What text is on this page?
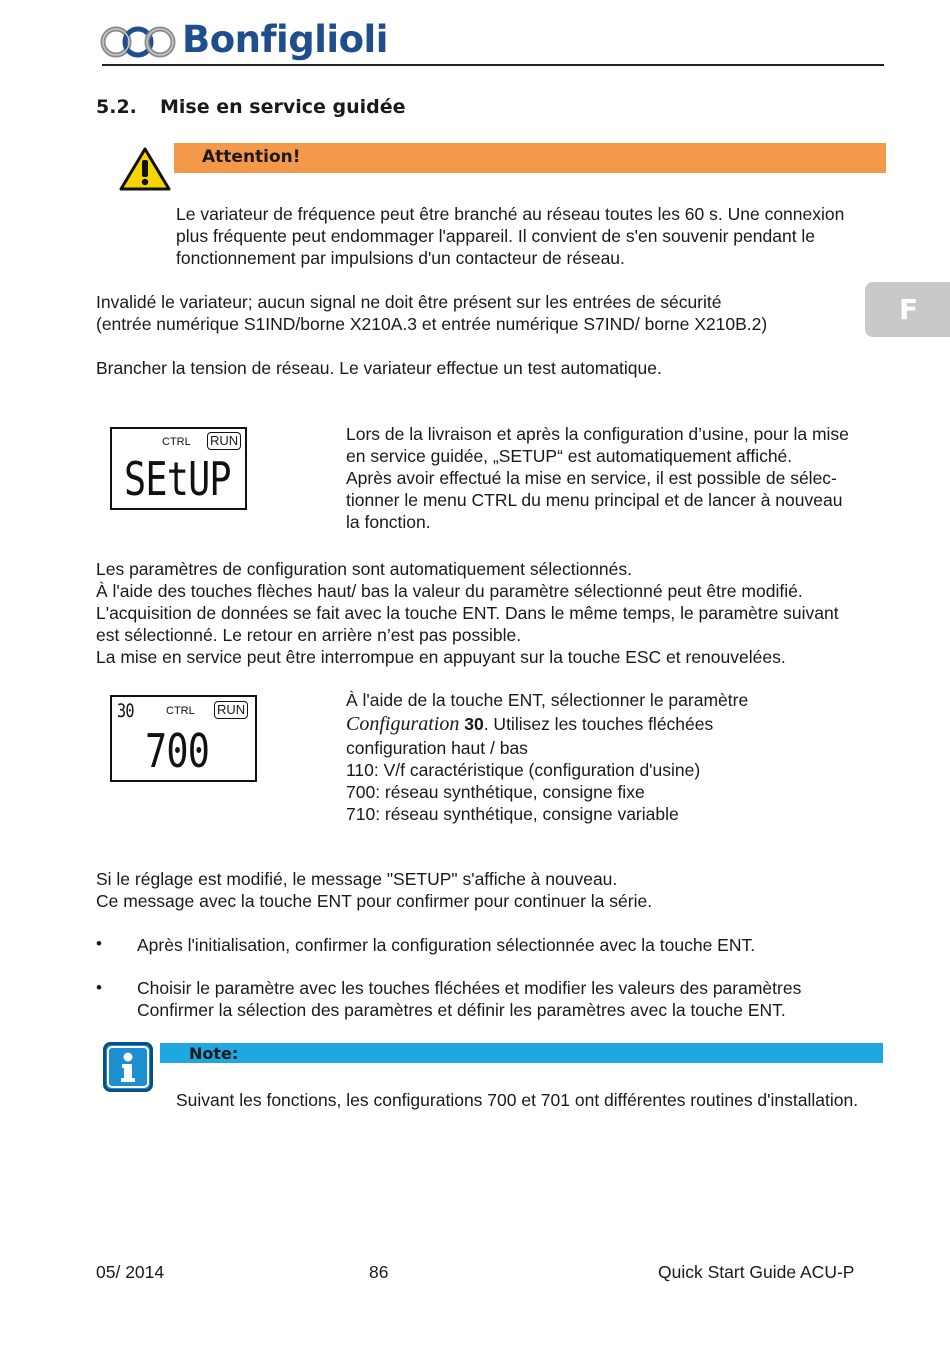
Bonfiglioli
5.2. Mise en service guidée
Attention!
Le variateur de fréquence peut être branché au réseau toutes les 60 s. Une connexion
plus fréquente peut endommager l'appareil. Il convient de s'en souvenir pendant le
fonctionnement par impulsions d'un contacteur de réseau.
F
Invalidé le variateur; aucun signal ne doit être présent sur les entrées de sécurité
(entrée numérique S1IND/borne X210A.3 et entrée numérique S7IND/ borne X210B.2)
Brancher la tension de réseau. Le variateur effectue un test automatique.
CTRL RUN
SEtUP
Lors de la livraison et après la configuration d’usine, pour la mise
en service guidée, „SETUP“ est automatiquement affiché.
Après avoir effectué la mise en service, il est possible de sélec-
tionner le menu CTRL du menu principal et de lancer à nouveau
la fonction.
Les paramètres de configuration sont automatiquement sélectionnés.
À l'aide des touches flèches haut/ bas la valeur du paramètre sélectionné peut être modifié.
L'acquisition de données se fait avec la touche ENT. Dans le même temps, le paramètre suivant
est sélectionné. Le retour en arrière n’est pas possible.
La mise en service peut être interrompue en appuyant sur la touche ESC et renouvelées.
30	CTRL RUN
700
À l'aide de la touche ENT, sélectionner le paramètre
Configuration 30. Utilisez les touches fléchées
configuration haut / bas
110: V/f caractéristique (configuration d'usine)
700: réseau synthétique, consigne fixe
710: réseau synthétique, consigne variable
Si le réglage est modifié, le message "SETUP" s'affiche à nouveau.
Ce message avec la touche ENT pour confirmer pour continuer la série.
• Après l'initialisation, confirmer la configuration sélectionnée avec la touche ENT.
• Choisir le paramètre avec les touches fléchées et modifier les valeurs des paramètres
Confirmer la sélection des paramètres et définir les paramètres avec la touche ENT.
Note:
Suivant les fonctions, les configurations 700 et 701 ont différentes routines d'installation.
05/ 2014	86	Quick Start Guide ACU-P
